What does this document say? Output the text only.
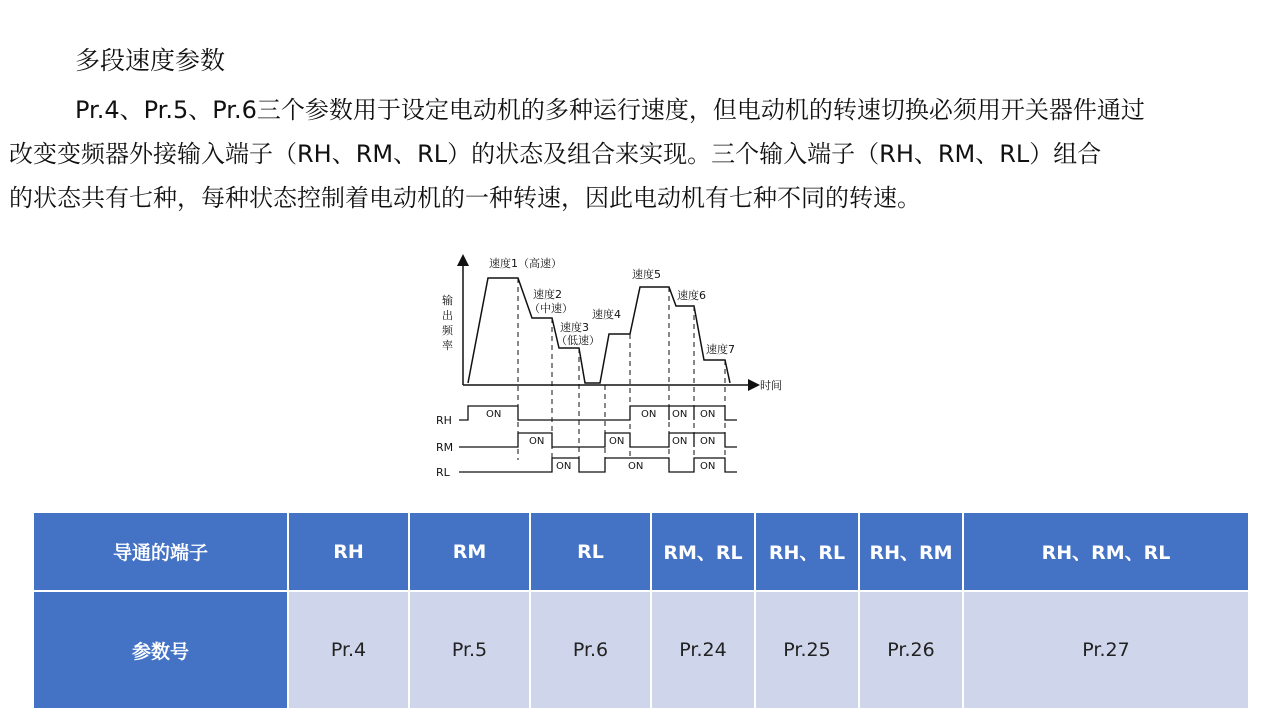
多段速度参数
Pr.4、Pr.5、Pr.6三个参数用于设定电动机的多种运行速度，但电动机的转速切换必须用开关器件通过
改变变频器外接输入端子（RH、RM、RL）的状态及组合来实现。三个输入端子（RH、RM、RL）组合
的状态共有七种，每种状态控制着电动机的一种转速，因此电动机有七种不同的转速。
输
出
频
率
时间
速度1（高速）
速度2
（中速）
速度3
（低速）
速度4
速度5
速度6
速度7
RH
RM
RL
ON	ON ON ON
ON	ON	ON ON
ON	ON	ON
导通的端子	RH	RM	RL	RM、RL	RH、RL	RH、RM	RH、RM、RL
参数号	Pr.4	Pr.5	Pr.6	Pr.24	Pr.25	Pr.26	Pr.27
